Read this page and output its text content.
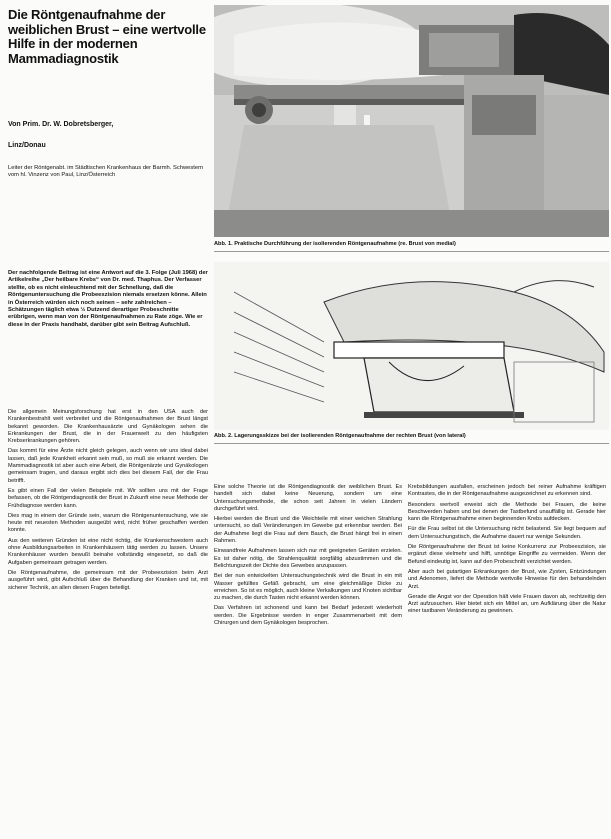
Die Röntgenaufnahme der weiblichen Brust – eine wertvolle Hilfe in der modernen Mammadiagnostik
Von Prim. Dr. W. Dobretsberger,
Linz/Donau
Leiter der Röntgenabt. im Städtischen Krankenhaus der Barmh. Schwestern vom hl. Vinzenz von Paul, Linz/Österreich
Der nachfolgende Beitrag ist eine Antwort auf die 3. Folge (Juli 1968) der Artikelreihe „Der heilbare Krebs“ von Dr. med. Thaphus. Der Verfasser stellte, ob es nicht einleuchtend mit der Schnellung, daß die Röntgenuntersuchung die Probeexzision niemals ersetzen könne. Allein in Österreich würden sich noch seinen – sehr zahlreichen – Schätzungen täglich etwa ½ Dutzend derartiger Probeschnitte erübrigen, wenn man von der Röntgenaufnahmen zu Rate zöge. Wie er diese in der Praxis handhabt, darüber gibt sein Beitrag Aufschluß.

Die allgemein Meinungsforschung hat erst in den USA auch der Krankenbestrahlt weit verbreitet und die Röntgenaufnahmen der Brust längst bekannt geworden. Die Krankenhausärzte und Gynäkologen sehen die Erkrankungen der Brust, die in der Frauenwelt zu den häufigsten Krebserkrankungen gehören.

Das kommt für eine Ärzte nicht gleich gelegen, auch wenn wir uns ideal dabei lassen, daß jede Krankheit erkannt sein muß, so muß sie erkannt werden. Die Mammadiagnostik ist aber auch eine Arbeit, die Röntgenärzte und Gynäkologen gemeinsam tragen, und daraus ergibt sich dies bei diesem Fall, der die Frau betrifft.

Es gibt einen Fall der vielen Beispiele mit. Wir sollten uns mit der Frage befassen, ob die Röntgendiagnostik der Brust in Zukunft eine neue Methode der Frühdiagnose werden kann.

Dies mag in einem der Gründe sein, warum die Röntgenuntersuchung, wie sie heute mit neuesten Methoden ausgeübt wird, nicht früher geschaffen werden konnte.

Aus den weiteren Gründen ist eine nicht richtig, die Krankenschwestern auch ohne Ausbildungsarbeiten in Krankenhäusern tätig werden zu lassen. Unsere Krankenhäuser wurden bewußt beinahe vollständig eingesetzt, so daß die Aufgaben gemeinsam getragen werden.

Die Röntgenaufnahme, die gemeinsam mit der Probeexzision beim Arzt ausgeführt wird, gibt Aufschluß über die Behandlung der Kranken und ist, mit sicherer Technik, an allen diesen Fragen beteiligt.

Abb. 1. Praktische Durchführung der isolierenden Röntgenaufnahme (re. Brust von medial)
Abb. 2. Lagerungsskizze bei der isolierenden Röntgenaufnahme der rechten Brust (von lateral)

Eine solche Theorie ist die Röntgendiagnostik der weiblichen Brust. Es handelt sich dabei keine Neuerung, sondern um eine Untersuchungsmethode, die schon seit Jahren in vielen Ländern durchgeführt wird.

Hierbei werden die Brust und die Weichteile mit einer weichen Strahlung untersucht, so daß Veränderungen im Gewebe gut erkennbar werden. Bei der Aufnahme liegt die Frau auf dem Bauch, die Brust hängt frei in einen Rahmen.

Einwandfreie Aufnahmen lassen sich nur mit geeigneten Geräten erzielen. Es ist daher nötig, die Strahlenqualität sorgfältig abzustimmen und die Belichtungszeit der Dichte des Gewebes anzupassen.

Bei der nun entwickelten Untersuchungstechnik wird die Brust in ein mit Wasser gefülltes Gefäß gebracht, um eine gleichmäßige Dicke zu erreichen. So ist es möglich, auch kleine Verkalkungen und Knoten sichtbar zu machen, die durch Tasten nicht erkannt werden können.

Das Verfahren ist schonend und kann bei Bedarf jederzeit wiederholt werden. Die Ergebnisse werden in enger Zusammenarbeit mit dem Chirurgen und dem Gynäkologen besprochen.

Krebsbildungen ausfallen, erscheinen jedoch bei reiner Aufnahme kräftigen Kontrastes, die in der Röntgenaufnahme ausgezeichnet zu erkennen sind.

Besonders wertvoll erweist sich die Methode bei Frauen, die keine Beschwerden haben und bei denen der Tastbefund unauffällig ist. Gerade hier kann die Röntgenaufnahme einen beginnenden Krebs aufdecken.

Für die Frau selbst ist die Untersuchung nicht belastend. Sie liegt bequem auf dem Untersuchungstisch, die Aufnahme dauert nur wenige Sekunden.

Die Röntgenaufnahme der Brust ist keine Konkurrenz zur Probeexzision, sie ergänzt diese vielmehr und hilft, unnötige Eingriffe zu vermeiden. Wenn der Befund eindeutig ist, kann auf den Probeschnitt verzichtet werden.

Aber auch bei gutartigen Erkrankungen der Brust, wie Zysten, Entzündungen und Adenomen, liefert die Methode wertvolle Hinweise für den behandelnden Arzt.

Gerade die Angst vor der Operation hält viele Frauen davon ab, rechtzeitig den Arzt aufzusuchen. Hier bietet sich ein Mittel an, um Aufklärung über die Natur einer tastbaren Veränderung zu gewinnen.
